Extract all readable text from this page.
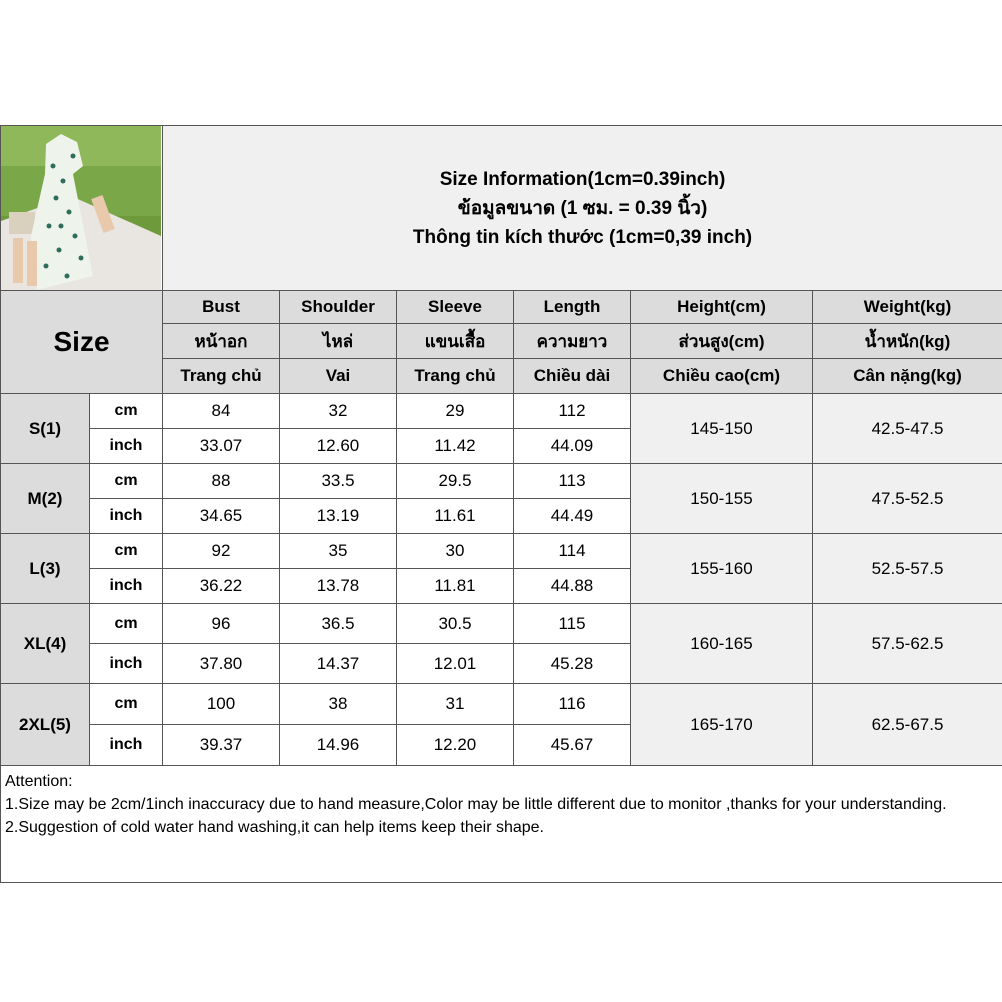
Size Information(1cm=0.39inch)
ข้อมูลขนาด (1 ซม. = 0.39 นิ้ว)
Thông tin kích thước (1cm=0,39 inch)					

Size		Bust	Shoulder	Sleeve	Length	Height(cm)	Weight(kg)
		หน้าอก	ไหล่	แขนเสื้อ	ความยาว	ส่วนสูง(cm)	น้ำหนัก(kg)
		Trang chủ	Vai	Trang chủ	Chiều dài	Chiều cao(cm)	Cân nặng(kg)
S(1)	cm	84	32	29	112	145-150	42.5-47.5
	inch	33.07	12.60	11.42	44.09		
M(2)	cm	88	33.5	29.5	113	150-155	47.5-52.5
	inch	34.65	13.19	11.61	44.49		
L(3)	cm	92	35	30	114	155-160	52.5-57.5
	inch	36.22	13.78	11.81	44.88		
XL(4)	cm	96	36.5	30.5	115	160-165	57.5-62.5
	inch	37.80	14.37	12.01	45.28		
2XL(5)	cm	100	38	31	116	165-170	62.5-67.5
	inch	39.37	14.96	12.20	45.67		

Attention:
1.Size may be 2cm/1inch inaccuracy due to hand measure,Color may be little different due to monitor ,thanks for your understanding.
2.Suggestion of cold water hand washing,it can help items keep their shape.							
